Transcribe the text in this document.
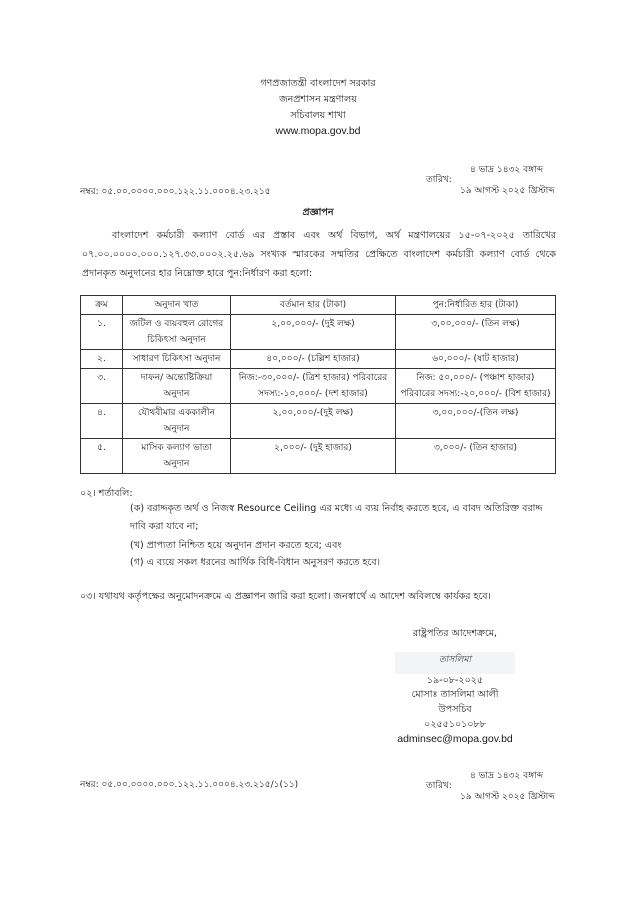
গণপ্রজাতন্ত্রী বাংলাদেশ সরকার
জনপ্রশাসন মন্ত্রণালয়
সচিবালয় শাখা
www.mopa.gov.bd
নম্বর: ০৫.০০.০০০০.০০০.১২২.১১.০০০৪.২৩.২১৫
তারিখ:
৪ ভাদ্র ১৪৩২ বঙ্গাব্দ
১৯ আগস্ট ২০২৫ খ্রিস্টাব্দ
প্রজ্ঞাপন
বাংলাদেশ কর্মচারী কল্যাণ বোর্ড এর প্রস্তাব এবং অর্থ বিভাগ, অর্থ মন্ত্রণালয়ের ১৫-০৭-২০২৫ তারিখের ০৭.০০.০০০০.০০০.১২৭.৩৩.০০০২.২৫.৬৯ সংখ্যক স্মারকের সম্মতির প্রেক্ষিতে বাংলাদেশ কর্মচারী কল্যাণ বোর্ড থেকে প্রদানকৃত অনুদানের হার নিম্নোক্ত হারে পুন:নির্ধারণ করা হলো:
ক্রম	অনুদান খাত	বর্তমান হার (টাকা)	পুন:নির্ধারিত হার (টাকা)
১.	জটিল ও ব্যয়বহুল রোগের চিকিৎসা অনুদান	২,০০,০০০/- (দুই লক্ষ)	৩,০০,০০০/- (তিন লক্ষ)
২.	সাধারণ চিকিৎসা অনুদান	৪০,০০০/- (চল্লিশ হাজার)	৬০,০০০/- (ষাট হাজার)
৩.	দাফন/ অন্ত্যেষ্টিক্রিয়া অনুদান	নিজ:-৩০,০০০/- (ত্রিশ হাজার) পরিবারের সদস্য:-১০,০০০/- (দশ হাজার)	নিজ: ৫০,০০০/- (পঞ্চাশ হাজার) পরিবারের সদস্য:-২০,০০০/- (বিশ হাজার)
৪.	যৌথবীমার এককালীন অনুদান	২,০০,০০০/-(দুই লক্ষ)	৩,০০,০০০/-(তিন লক্ষ)
৫.	মাসিক কল্যাণ ভাতা অনুদান	২,০০০/- (দুই হাজার)	৩,০০০/- (তিন হাজার)
০২। শর্তাবলি:
(ক) বরাদ্দকৃত অর্থ ও নিজস্ব Resource Ceiling এর মধ্যে এ ব্যয় নির্বাহ করতে হবে, এ বাবদ অতিরিক্ত বরাদ্দ দাবি করা যাবে না;
(খ) প্রাপ্যতা নিশ্চিত হয়ে অনুদান প্রদান করতে হবে; এবং
(গ) এ ব্যয়ে সকল ধরনের আর্থিক বিধি-বিধান অনুসরণ করতে হবে।
০৩। যথাযথ কর্তৃপক্ষের অনুমোদনক্রমে এ প্রজ্ঞাপন জারি করা হলো। জনস্বার্থে এ আদেশ অবিলম্বে কার্যকর হবে।
রাষ্ট্রপতির আদেশক্রমে,
তাসলিমা
১৯-০৮-২০২৫
মোসাঃ তাসলিমা আলী
উপসচিব
০২৫৫১০১০৮৮
adminsec@mopa.gov.bd
নম্বর: ০৫.০০.০০০০.০০০.১২২.১১.০০০৪.২৩.২১৫/১(১১)	তারিখ:
৪ ভাদ্র ১৪৩২ বঙ্গাব্দ
১৯ আগস্ট ২০২৫ খ্রিস্টাব্দ
